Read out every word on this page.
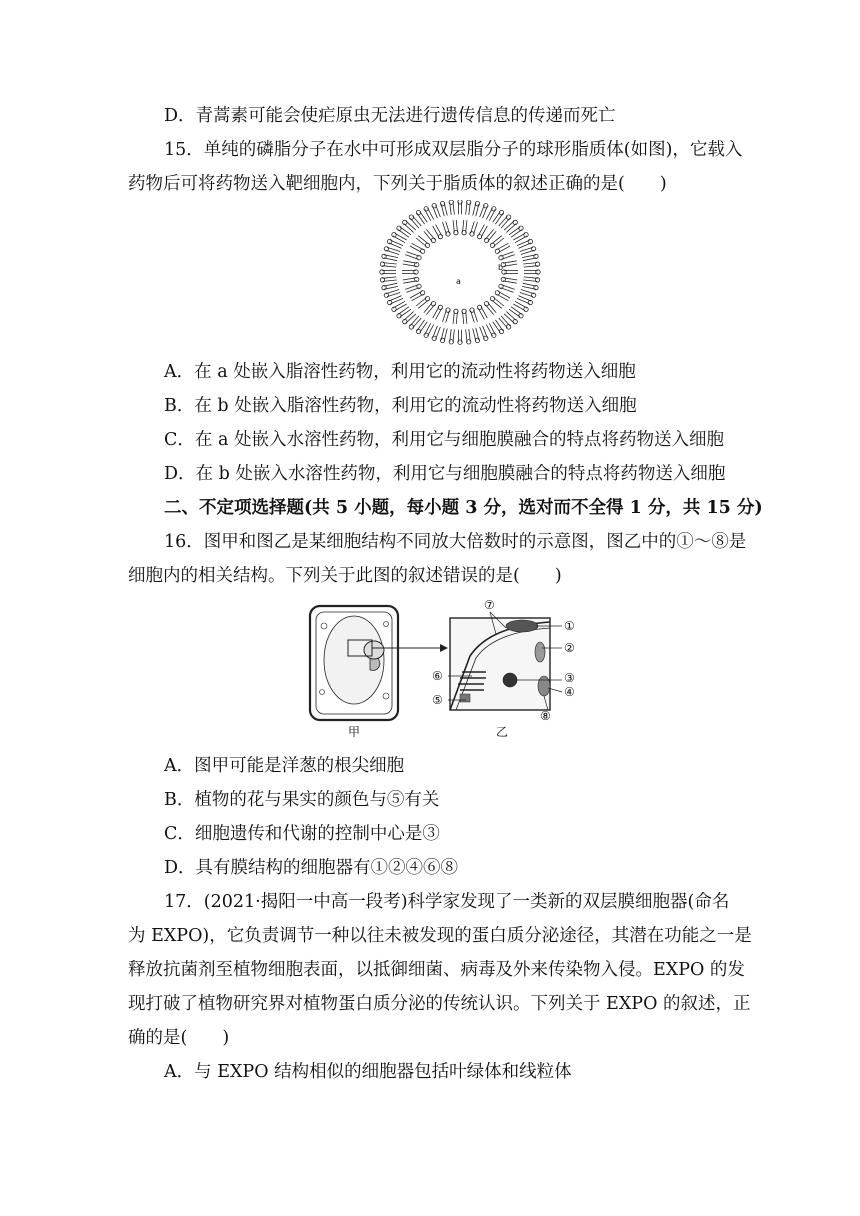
D．青蒿素可能会使疟原虫无法进行遗传信息的传递而死亡
15．单纯的磷脂分子在水中可形成双层脂分子的球形脂质体(如图)，它载入
药物后可将药物送入靶细胞内，下列关于脂质体的叙述正确的是(　　)
a
b
A．在 a 处嵌入脂溶性药物，利用它的流动性将药物送入细胞
B．在 b 处嵌入脂溶性药物，利用它的流动性将药物送入细胞
C．在 a 处嵌入水溶性药物，利用它与细胞膜融合的特点将药物送入细胞
D．在 b 处嵌入水溶性药物，利用它与细胞膜融合的特点将药物送入细胞
二、不定项选择题(共 5 小题，每小题 3 分，选对而不全得 1 分，共 15 分)
16．图甲和图乙是某细胞结构不同放大倍数时的示意图，图乙中的①～⑧是
细胞内的相关结构。下列关于此图的叙述错误的是(　　)
⑦
①
②
③
④
⑥
⑤
⑧
甲	乙
A．图甲可能是洋葱的根尖细胞
B．植物的花与果实的颜色与⑤有关
C．细胞遗传和代谢的控制中心是③
D．具有膜结构的细胞器有①②④⑥⑧
17．(2021·揭阳一中高一段考)科学家发现了一类新的双层膜细胞器(命名
为 EXPO)，它负责调节一种以往未被发现的蛋白质分泌途径，其潜在功能之一是
释放抗菌剂至植物细胞表面，以抵御细菌、病毒及外来传染物入侵。EXPO 的发
现打破了植物研究界对植物蛋白质分泌的传统认识。下列关于 EXPO 的叙述，正
确的是(　　)
A．与 EXPO 结构相似的细胞器包括叶绿体和线粒体
